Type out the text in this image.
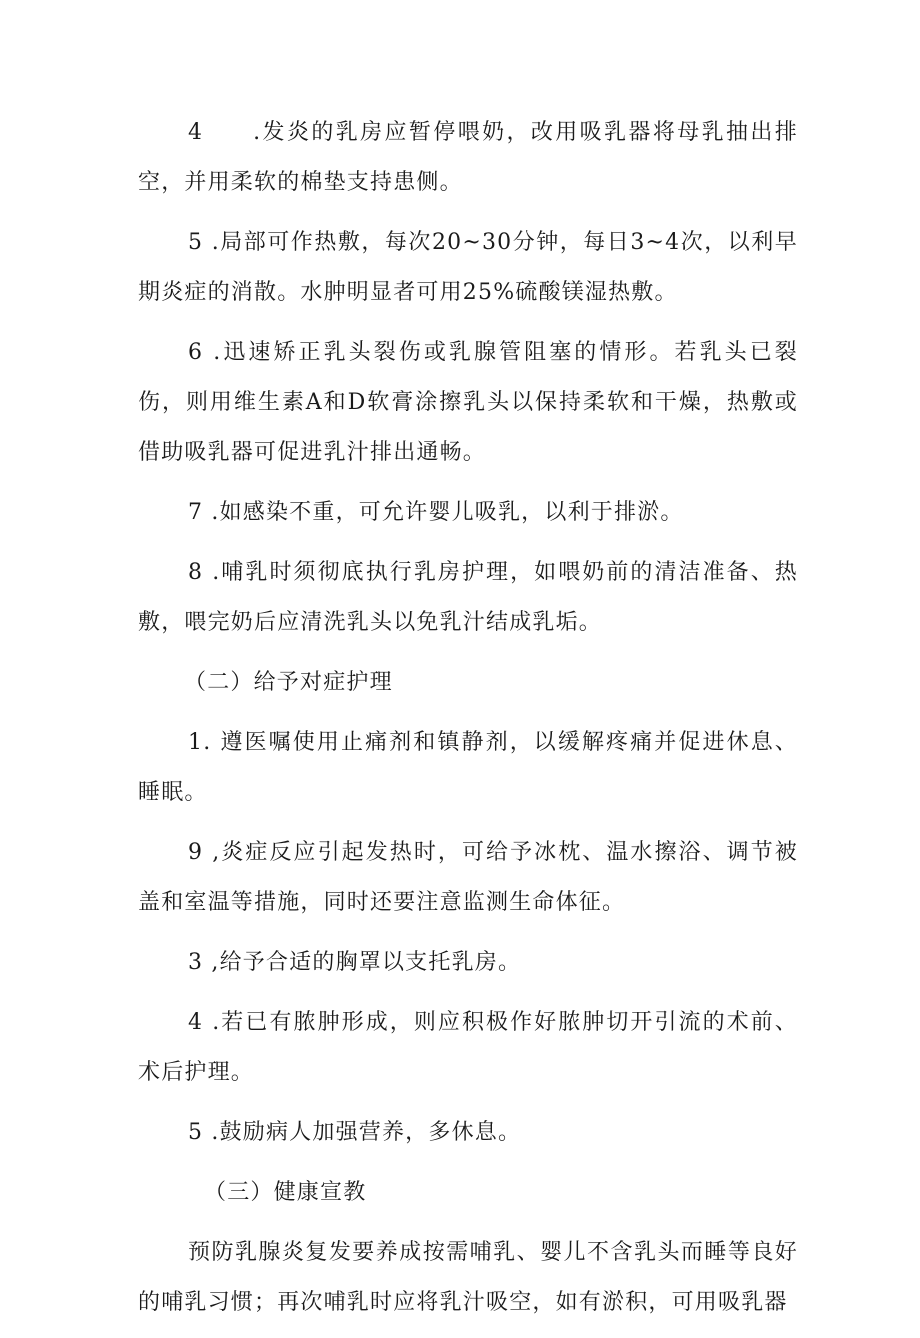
4　　.发炎的乳房应暂停喂奶，改用吸乳器将母乳抽出排空，并用柔软的棉垫支持患侧。

5 .局部可作热敷，每次20~30分钟，每日3~4次，以利早期炎症的消散。水肿明显者可用25%硫酸镁湿热敷。

6 .迅速矫正乳头裂伤或乳腺管阻塞的情形。若乳头已裂伤，则用维生素A和D软膏涂擦乳头以保持柔软和干燥，热敷或借助吸乳器可促进乳汁排出通畅。

7 .如感染不重，可允许婴儿吸乳，以利于排淤。

8 .哺乳时须彻底执行乳房护理，如喂奶前的清洁准备、热敷，喂完奶后应清洗乳头以免乳汁结成乳垢。

（二）给予对症护理

1. 遵医嘱使用止痛剂和镇静剂，以缓解疼痛并促进休息、睡眠。

9 ,炎症反应引起发热时，可给予冰枕、温水擦浴、调节被盖和室温等措施，同时还要注意监测生命体征。

3 ,给予合适的胸罩以支托乳房。

4 .若已有脓肿形成，则应积极作好脓肿切开引流的术前、术后护理。

5 .鼓励病人加强营养，多休息。

（三）健康宣教

预防乳腺炎复发要养成按需哺乳、婴儿不含乳头而睡等良好的哺乳习惯；再次哺乳时应将乳汁吸空，如有淤积，可用吸乳器
